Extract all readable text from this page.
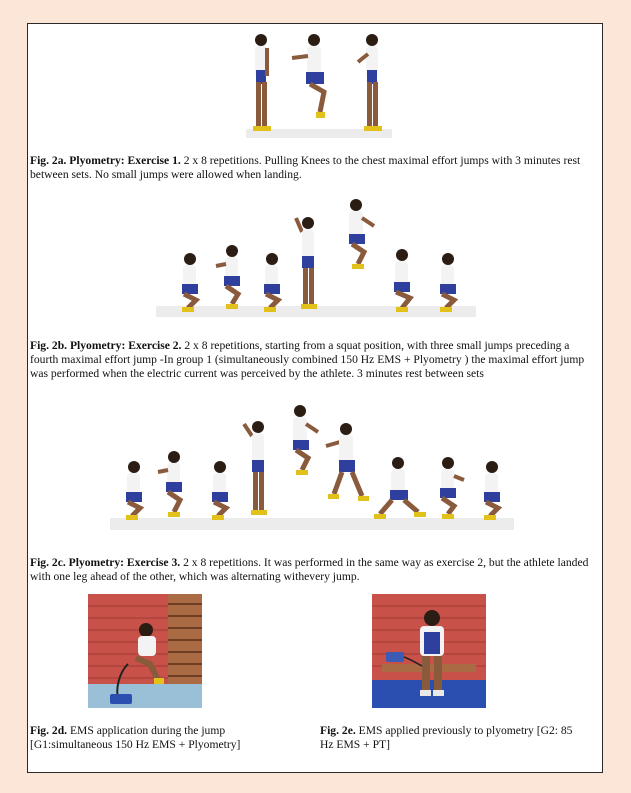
Fig. 2a. Plyometry: Exercise 1. 2 x 8 repetitions. Pulling Knees to the chest maximal effort jumps with 3 minutes rest between sets. No small jumps were allowed when landing.

Fig. 2b. Plyometry: Exercise 2. 2 x 8 repetitions, starting from a squat position, with three small jumps preceding a fourth maximal effort jump -In group 1 (simultaneously combined 150 Hz EMS + Plyometry ) the maximal effort jump was performed when the electric current was perceived by the athlete. 3 minutes rest between sets

Fig. 2c. Plyometry: Exercise 3. 2 x 8 repetitions. It was performed in the same way as exercise 2, but the athlete landed with one leg ahead of the other, which was alternating withevery jump.

Fig. 2d. EMS application during the jump [G1:simultaneous 150 Hz EMS + Plyometry]

Fig. 2e. EMS applied previously to plyometry [G2: 85 Hz EMS + PT]
